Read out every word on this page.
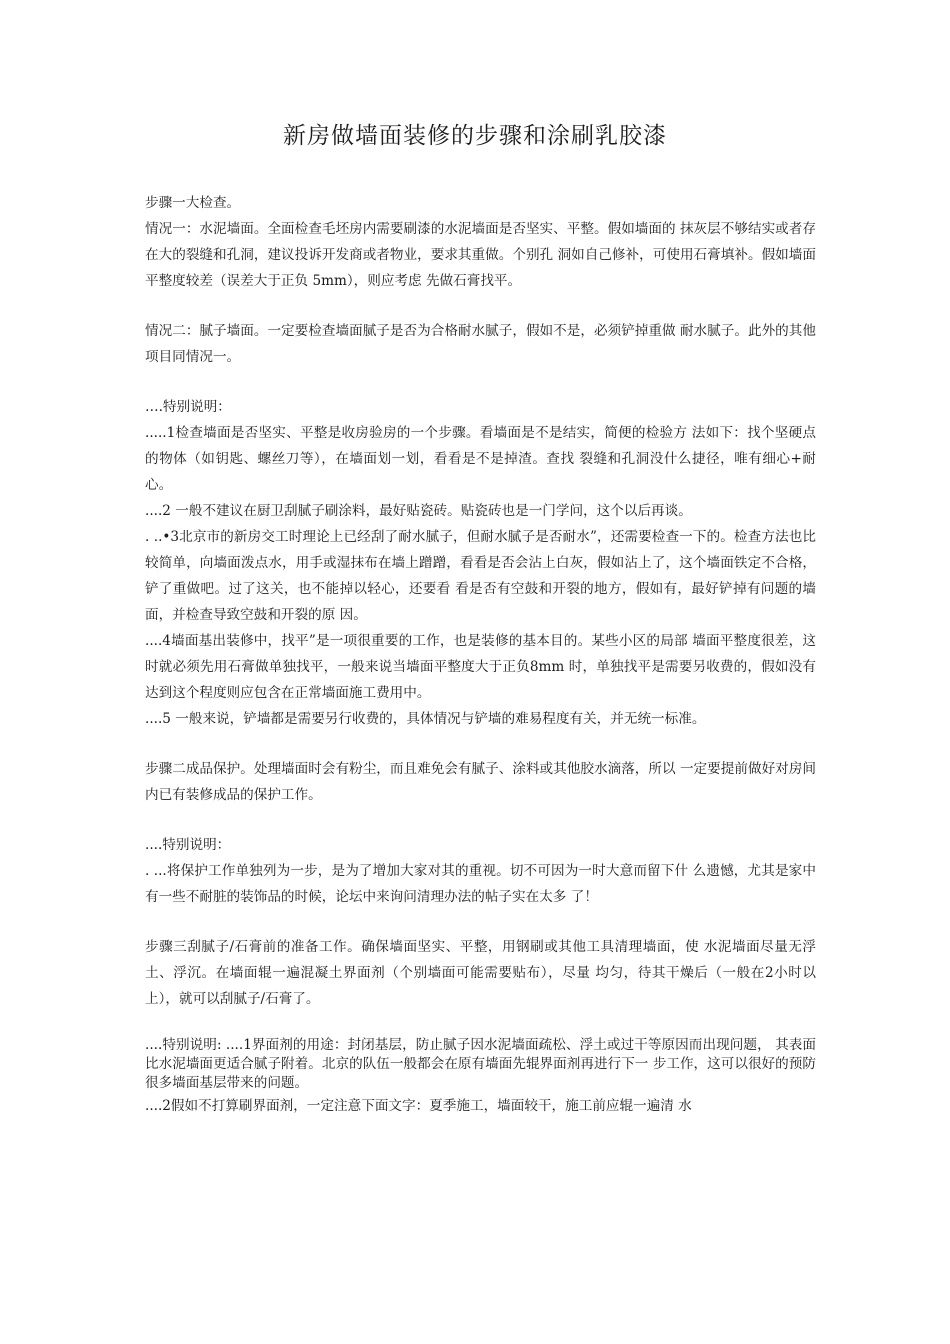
新房做墙面装修的步骤和涂刷乳胶漆

步骤一大检查。

情况一：水泥墙面。全面检查毛坯房内需要刷漆的水泥墙面是否坚实、平整。假如墙面的 抹灰层不够结实或者存在大的裂缝和孔洞，建议投诉开发商或者物业，要求其重做。个别孔 洞如自己修补，可使用石膏填补。假如墙面平整度较差（误差大于正负 5mm），则应考虑 先做石膏找平。

情况二：腻子墙面。一定要检查墙面腻子是否为合格耐水腻子，假如不是，必须铲掉重做 耐水腻子。此外的其他项目同情况一。

….特别说明：

.....1检查墙面是否坚实、平整是收房验房的一个步骤。看墙面是不是结实，简便的检验方 法如下：找个坚硬点的物体（如钥匙、螺丝刀等），在墙面划一划，看看是不是掉渣。查找 裂缝和孔洞没什么捷径，唯有细心+耐心。

....2 一般不建议在厨卫刮腻子刷涂料，最好贴瓷砖。贴瓷砖也是一门学问，这个以后再谈。

. ..•3北京市的新房交工时理论上已经刮了耐水腻子，但耐水腻子是否耐水”，还需要检查一下的。检查方法也比较简单，向墙面泼点水，用手或湿抹布在墙上蹭蹭，看看是否会沾上白灰，假如沾上了，这个墙面铁定不合格，铲了重做吧。过了这关，也不能掉以轻心，还要看 看是否有空鼓和开裂的地方，假如有，最好铲掉有问题的墙面，并检查导致空鼓和开裂的原 因。

....4墙面基出装修中，找平”是一项很重要的工作，也是装修的基本目的。某些小区的局部 墙面平整度很差，这时就必须先用石膏做单独找平，一般来说当墙面平整度大于正负8mm 时，单独找平是需要另收费的，假如没有达到这个程度则应包含在正常墙面施工费用中。

....5 一般来说，铲墙都是需要另行收费的，具体情况与铲墙的难易程度有关，并无统一标准。

步骤二成品保护。处理墙面时会有粉尘，而且难免会有腻子、涂料或其他胶水滴落，所以 一定要提前做好对房间内已有装修成品的保护工作。

....特别说明：

. ...将保护工作单独列为一步，是为了增加大家对其的重视。切不可因为一时大意而留下什 么遗憾，尤其是家中有一些不耐脏的装饰品的时候，论坛中来询问清理办法的帖子实在太多 了！

步骤三刮腻子/石膏前的准备工作。确保墙面坚实、平整，用钢刷或其他工具清理墙面，使 水泥墙面尽量无浮土、浮沉。在墙面辊一遍混凝土界面剂（个别墙面可能需要贴布），尽量 均匀，待其干燥后（一般在2小时以上），就可以刮腻子/石膏了。

....特别说明: ....1界面剂的用途：封闭基层，防止腻子因水泥墙面疏松、浮土或过干等原因而出现问题， 其表面比水泥墙面更适合腻子附着。北京的队伍一般都会在原有墙面先辊界面剂再进行下一 步工作，这可以很好的预防很多墙面基层带来的问题。

....2假如不打算刷界面剂，一定注意下面文字：夏季施工，墙面较干，施工前应辊一遍清 水
